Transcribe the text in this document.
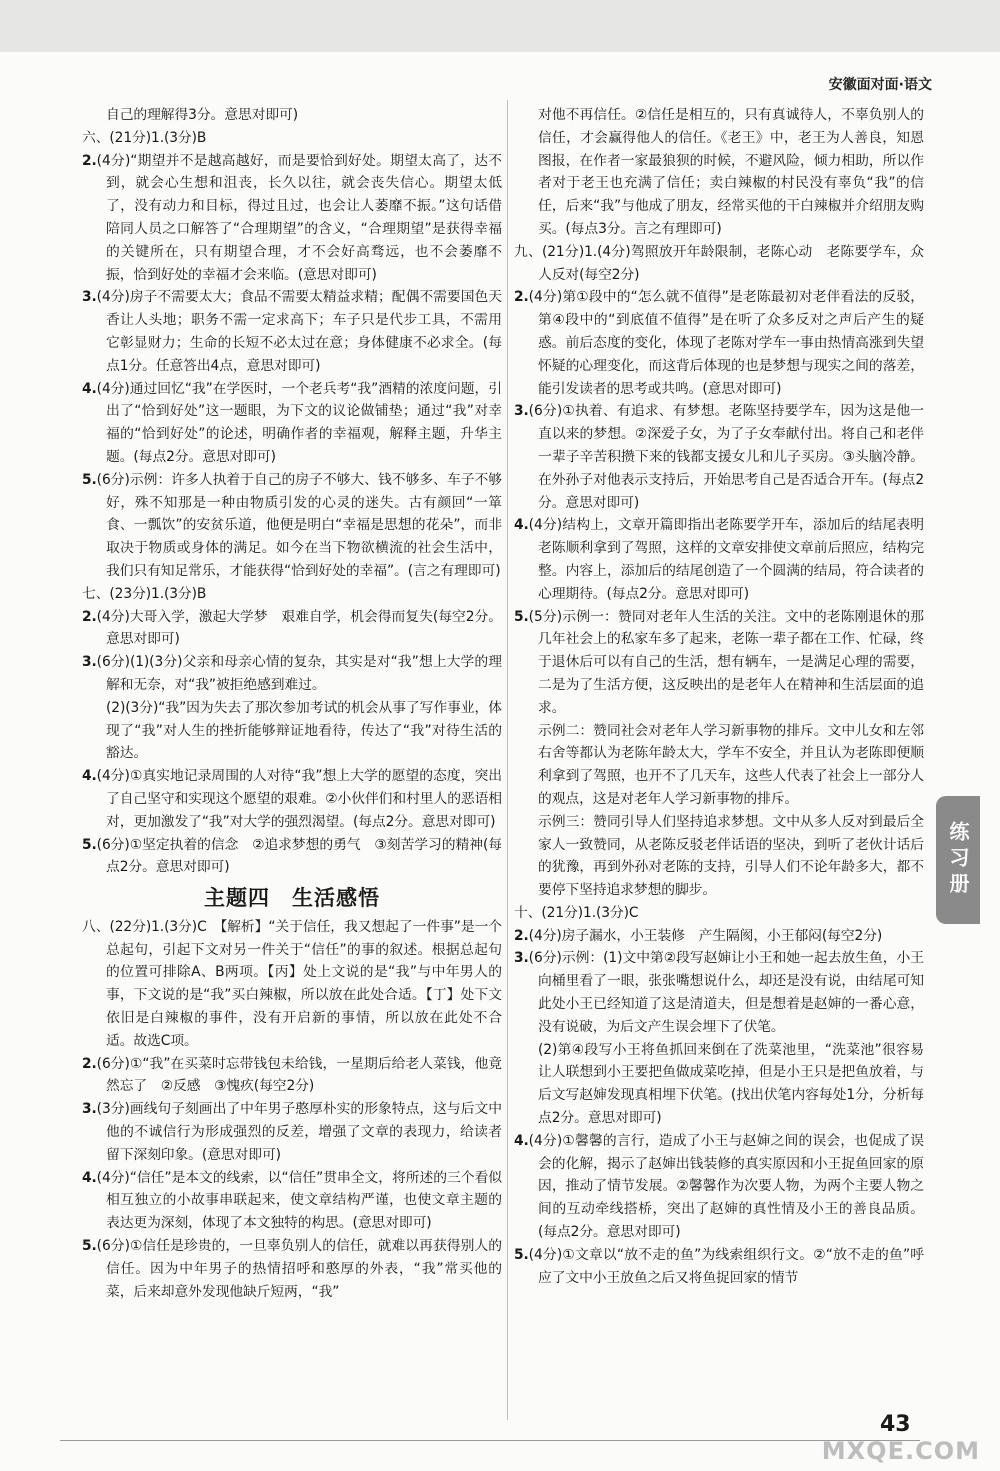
安徽面对面·语文

自己的理解得3分。意思对即可)

六、(21分)1.(3分)B

2.(4分)“期望并不是越高越好，而是要恰到好处。期望太高了，达不到，就会心生想和沮丧，长久以往，就会丧失信心。期望太低了，没有动力和目标，得过且过，也会让人萎靡不振。”这句话借陪同人员之口解答了“合理期望”的含义，“合理期望”是获得幸福的关键所在，只有期望合理，才不会好高骛远，也不会萎靡不振，恰到好处的幸福才会来临。(意思对即可)

3.(4分)房子不需要太大；食品不需要太精益求精；配偶不需要国色天香让人头地；职务不需一定求高下；车子只是代步工具，不需用它彰显财力；生命的长短不必太过在意；身体健康不必求全。(每点1分。任意答出4点，意思对即可)

4.(4分)通过回忆“我”在学医时，一个老兵考“我”酒精的浓度问题，引出了“恰到好处”这一题眼，为下文的议论做铺垫；通过“我”对幸福的“恰到好处”的论述，明确作者的幸福观，解释主题，升华主题。(每点2分。意思对即可)

5.(6分)示例：许多人执着于自己的房子不够大、钱不够多、车子不够好，殊不知那是一种由物质引发的心灵的迷失。古有颜回“一箪食、一瓢饮”的安贫乐道，他便是明白“幸福是思想的花朵”，而非取决于物质或身体的满足。如今在当下物欲横流的社会生活中，我们只有知足常乐，才能获得“恰到好处的幸福”。(言之有理即可)

七、(23分)1.(3分)B

2.(4分)大哥入学，激起大学梦　艰难自学，机会得而复失(每空2分。意思对即可)

3.(6分)(1)(3分)父亲和母亲心情的复杂，其实是对“我”想上大学的理解和无奈，对“我”被拒绝感到难过。

(2)(3分)“我”因为失去了那次参加考试的机会从事了写作事业，体现了“我”对人生的挫折能够辩证地看待，传达了“我”对待生活的豁达。

4.(4分)①真实地记录周围的人对待“我”想上大学的愿望的态度，突出了自己坚守和实现这个愿望的艰难。②小伙伴们和村里人的恶语相对，更加激发了“我”对大学的强烈渴望。(每点2分。意思对即可)

5.(6分)①坚定执着的信念　②追求梦想的勇气　③刻苦学习的精神(每点2分。意思对即可)

主题四　生活感悟

八、(22分)1.(3分)C　【解析】“关于信任，我又想起了一件事”是一个总起句，引起下文对另一件关于“信任”的事的叙述。根据总起句的位置可排除A、B两项。【丙】处上文说的是“我”与中年男人的事，下文说的是“我”买白辣椒，所以放在此处合适。【丁】处下文依旧是白辣椒的事件，没有开启新的事情，所以放在此处不合适。故选C项。

2.(6分)①“我”在买菜时忘带钱包未给钱，一星期后给老人菜钱，他竟然忘了　②反感　③愧疚(每空2分)

3.(3分)画线句子刻画出了中年男子憨厚朴实的形象特点，这与后文中他的不诚信行为形成强烈的反差，增强了文章的表现力，给读者留下深刻印象。(意思对即可)

4.(4分)“信任”是本文的线索，以“信任”贯串全文，将所述的三个看似相互独立的小故事串联起来，使文章结构严谨，也使文章主题的表达更为深刻，体现了本文独特的构思。(意思对即可)

5.(6分)①信任是珍贵的，一旦辜负别人的信任，就难以再获得别人的信任。因为中年男子的热情招呼和憨厚的外表，“我”常买他的菜，后来却意外发现他缺斤短两，“我”

对他不再信任。②信任是相互的，只有真诚待人，不辜负别人的信任，才会赢得他人的信任。《老王》中，老王为人善良，知恩图报，在作者一家最狼狈的时候，不避风险，倾力相助，所以作者对于老王也充满了信任；卖白辣椒的村民没有辜负“我”的信任，后来“我”与他成了朋友，经常买他的干白辣椒并介绍朋友购买。(每点3分。言之有理即可)

九、(21分)1.(4分)驾照放开年龄限制，老陈心动　老陈要学车，众人反对(每空2分)

2.(4分)第①段中的“怎么就不值得”是老陈最初对老伴看法的反驳，第④段中的“到底值不值得”是在听了众多反对之声后产生的疑惑。前后态度的变化，体现了老陈对学车一事由热情高涨到失望怀疑的心理变化，而这背后体现的也是梦想与现实之间的落差，能引发读者的思考或共鸣。(意思对即可)

3.(6分)①执着、有追求、有梦想。老陈坚持要学车，因为这是他一直以来的梦想。②深爱子女，为了子女奉献付出。将自己和老伴一辈子辛苦积攒下来的钱都支援女儿和儿子买房。③头脑冷静。在外孙子对他表示支持后，开始思考自己是否适合开车。(每点2分。意思对即可)

4.(4分)结构上，文章开篇即指出老陈要学开车，添加后的结尾表明老陈顺利拿到了驾照，这样的文章安排使文章前后照应，结构完整。内容上，添加后的结尾创造了一个圆满的结局，符合读者的心理期待。(每点2分。意思对即可)

5.(5分)示例一：赞同对老年人生活的关注。文中的老陈刚退休的那几年社会上的私家车多了起来，老陈一辈子都在工作、忙碌，终于退休后可以有自己的生活，想有辆车，一是满足心理的需要，二是为了生活方便，这反映出的是老年人在精神和生活层面的追求。

示例二：赞同社会对老年人学习新事物的排斥。文中儿女和左邻右舍等都认为老陈年龄太大，学车不安全，并且认为老陈即便顺利拿到了驾照，也开不了几天车，这些人代表了社会上一部分人的观点，这是对老年人学习新事物的排斥。

示例三：赞同引导人们坚持追求梦想。文中从多人反对到最后全家人一致赞同，从老陈反驳老伴话语的坚决，到听了老伙计话后的犹豫，再到外孙对老陈的支持，引导人们不论年龄多大，都不要停下坚持追求梦想的脚步。

十、(21分)1.(3分)C

2.(4分)房子漏水，小王装修　产生隔阂，小王郁闷(每空2分)

3.(6分)示例：(1)文中第②段写赵婶让小王和她一起去放生鱼，小王向桶里看了一眼，张张嘴想说什么，却还是没有说，由结尾可知此处小王已经知道了这是清道夫，但是想着是赵婶的一番心意，没有说破，为后文产生误会埋下了伏笔。

(2)第④段写小王将鱼抓回来倒在了洗菜池里，“洗菜池”很容易让人联想到小王要把鱼做成菜吃掉，但是小王只是把鱼放着，与后文写赵婶发现真相埋下伏笔。(找出伏笔内容每处1分，分析每点2分。意思对即可)

4.(4分)①馨馨的言行，造成了小王与赵婶之间的误会，也促成了误会的化解，揭示了赵婶出钱装修的真实原因和小王捉鱼回家的原因，推动了情节发展。②馨馨作为次要人物，为两个主要人物之间的互动牵线搭桥，突出了赵婶的真性情及小王的善良品质。(每点2分。意思对即可)

5.(4分)①文章以“放不走的鱼”为线索组织行文。②“放不走的鱼”呼应了文中小王放鱼之后又将鱼捉回家的情节

练习册
43
MXQE.COM
